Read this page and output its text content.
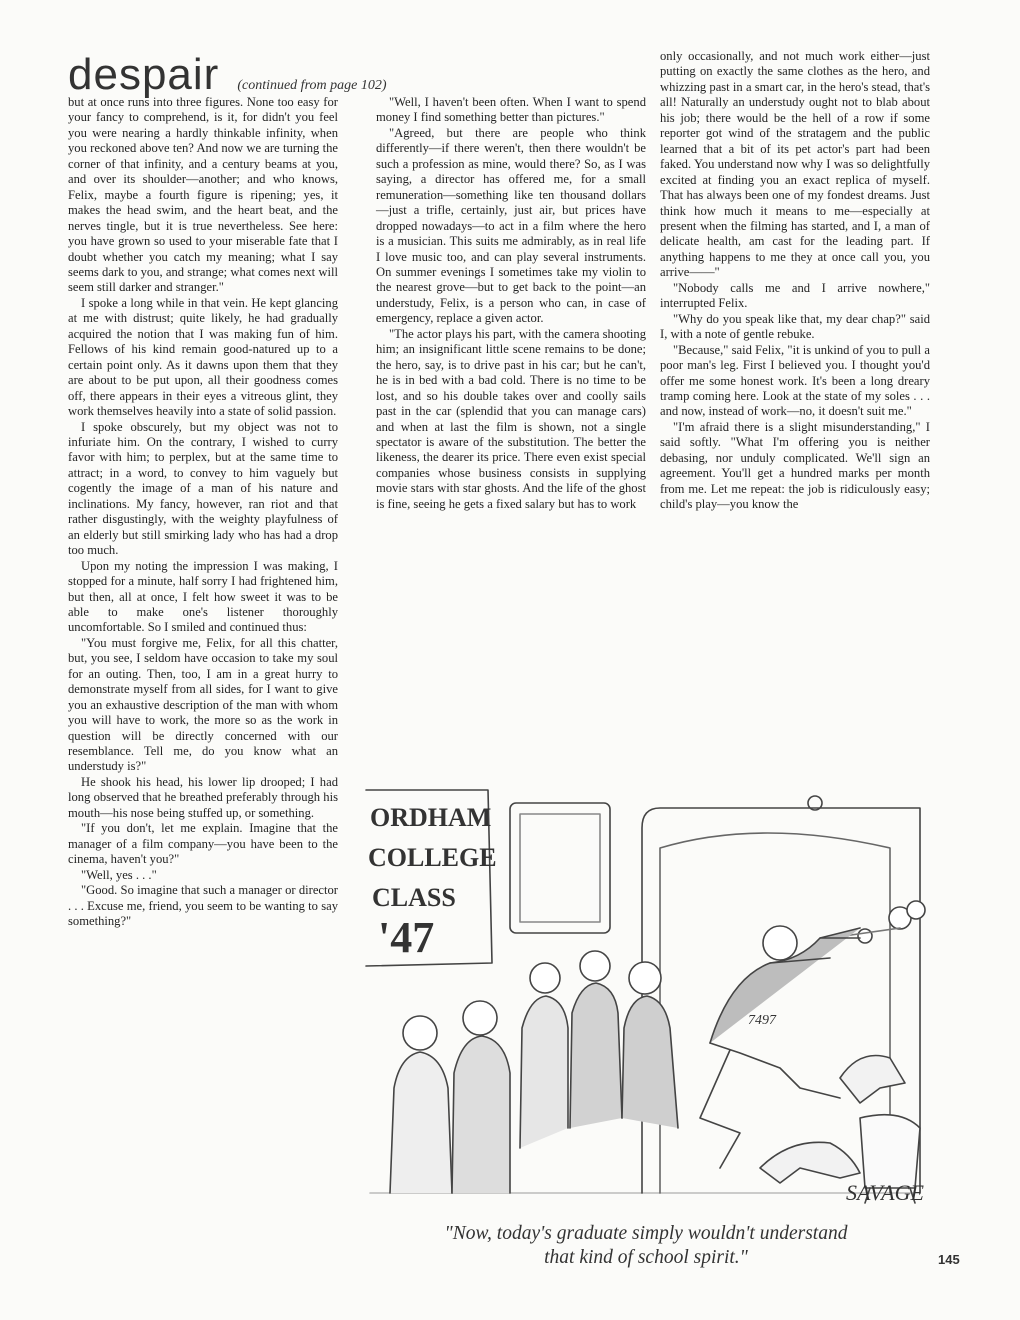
despair (continued from page 102)

but at once runs into three figures. None too easy for your fancy to comprehend, is it, for didn't you feel you were nearing a hardly thinkable infinity, when you reckoned above ten? And now we are turning the corner of that infinity, and a century beams at you, and over its shoulder—another; and who knows, Felix, maybe a fourth figure is ripening; yes, it makes the head swim, and the heart beat, and the nerves tingle, but it is true nevertheless. See here: you have grown so used to your miserable fate that I doubt whether you catch my meaning; what I say seems dark to you, and strange; what comes next will seem still darker and stranger."

I spoke a long while in that vein. He kept glancing at me with distrust; quite likely, he had gradually acquired the notion that I was making fun of him. Fellows of his kind remain good-natured up to a certain point only. As it dawns upon them that they are about to be put upon, all their goodness comes off, there appears in their eyes a vitreous glint, they work themselves heavily into a state of solid passion.

I spoke obscurely, but my object was not to infuriate him. On the contrary, I wished to curry favor with him; to perplex, but at the same time to attract; in a word, to convey to him vaguely but cogently the image of a man of his nature and inclinations. My fancy, however, ran riot and that rather disgustingly, with the weighty playfulness of an elderly but still smirking lady who has had a drop too much.

Upon my noting the impression I was making, I stopped for a minute, half sorry I had frightened him, but then, all at once, I felt how sweet it was to be able to make one's listener thoroughly uncomfortable. So I smiled and continued thus:

"You must forgive me, Felix, for all this chatter, but, you see, I seldom have occasion to take my soul for an outing. Then, too, I am in a great hurry to demonstrate myself from all sides, for I want to give you an exhaustive description of the man with whom you will have to work, the more so as the work in question will be directly concerned with our resemblance. Tell me, do you know what an understudy is?"

He shook his head, his lower lip drooped; I had long observed that he breathed preferably through his mouth—his nose being stuffed up, or something.

"If you don't, let me explain. Imagine that the manager of a film company—you have been to the cinema, haven't you?"

"Well, yes . . ."

"Good. So imagine that such a manager or director . . . Excuse me, friend, you seem to be wanting to say something?"

"Well, I haven't been often. When I want to spend money I find something better than pictures."

"Agreed, but there are people who think differently—if there weren't, then there wouldn't be such a profession as mine, would there? So, as I was saying, a director has offered me, for a small remuneration—something like ten thousand dollars—just a trifle, certainly, just air, but prices have dropped nowadays—to act in a film where the hero is a musician. This suits me admirably, as in real life I love music too, and can play several instruments. On summer evenings I sometimes take my violin to the nearest grove—but to get back to the point—an understudy, Felix, is a person who can, in case of emergency, replace a given actor.

"The actor plays his part, with the camera shooting him; an insignificant little scene remains to be done; the hero, say, is to drive past in his car; but he can't, he is in bed with a bad cold. There is no time to be lost, and so his double takes over and coolly sails past in the car (splendid that you can manage cars) and when at last the film is shown, not a single spectator is aware of the substitution. The better the likeness, the dearer its price. There even exist special companies whose business consists in supplying movie stars with star ghosts. And the life of the ghost is fine, seeing he gets a fixed salary but has to work

only occasionally, and not much work either—just putting on exactly the same clothes as the hero, and whizzing past in a smart car, in the hero's stead, that's all! Naturally an understudy ought not to blab about his job; there would be the hell of a row if some reporter got wind of the stratagem and the public learned that a bit of its pet actor's part had been faked. You understand now why I was so delightfully excited at finding you an exact replica of myself. That has always been one of my fondest dreams. Just think how much it means to me—especially at present when the filming has started, and I, a man of delicate health, am cast for the leading part. If anything happens to me they at once call you, you arrive——"

"Nobody calls me and I arrive nowhere," interrupted Felix.

"Why do you speak like that, my dear chap?" said I, with a note of gentle rebuke.

"Because," said Felix, "it is unkind of you to pull a poor man's leg. First I believed you. I thought you'd offer me some honest work. It's been a long dreary tramp coming here. Look at the state of my soles . . . and now, instead of work—no, it doesn't suit me."

"I'm afraid there is a slight misunderstanding," I said softly. "What I'm offering you is neither debasing, nor unduly complicated. We'll sign an agreement. You'll get a hundred marks per month from me. Let me repeat: the job is ridiculously easy; child's play—you know the

ORDHAM
COLLEGE
CLASS
'47
7497
SAVAGE
"Now, today's graduate simply wouldn't understand
that kind of school spirit."	145
